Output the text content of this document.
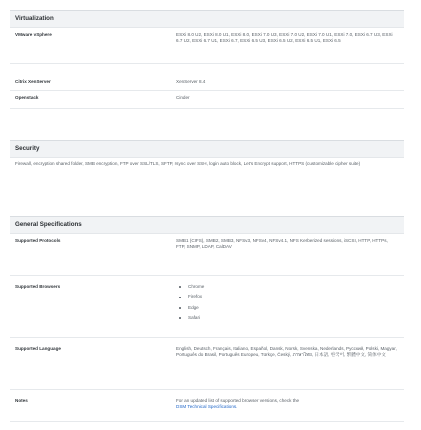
Virtualization
VMware vSphere	ESXi 8.0 U2, ESXi 8.0 U1, ESXi 8.0, ESXi 7.0 U3, ESXi 7.0 U2, ESXi 7.0 U1, ESXi 7.0, ESXi 6.7 U3, ESXi 6.7 U2, ESXi 6.7 U1, ESXi 6.7, ESXi 6.5 U3, ESXi 6.5 U2, ESXi 6.5 U1, ESXi 6.5
Citrix XenServer	XenServer 8.4
Openstack	Cinder
Security
Firewall, encryption shared folder, SMB encryption, FTP over SSL/TLS, SFTP, rsync over SSH, login auto block, Let's Encrypt support, HTTPS (customizable cipher suite)
General Specifications
Supported Protocols	SMB1 (CIFS), SMB2, SMB3, NFSv3, NFSv4, NFSv4.1, NFS Kerberized sessions, iSCSI, HTTP, HTTPs, FTP, SNMP, LDAP, CalDAV
Supported Browsers	Chrome
Firefox
Edge
Safari
Supported Language	English, Deutsch, Français, Italiano, Español, Dansk, Norsk, Svenska, Nederlands, Русский, Polski, Magyar, Português do Brasil, Português Europeu, Türkçe, Český, ภาษาไทย, 日本語, 한국어, 繁體中文, 简体中文
Notes	For an updated list of supported browser versions, check the
DSM Technical Specifications.
